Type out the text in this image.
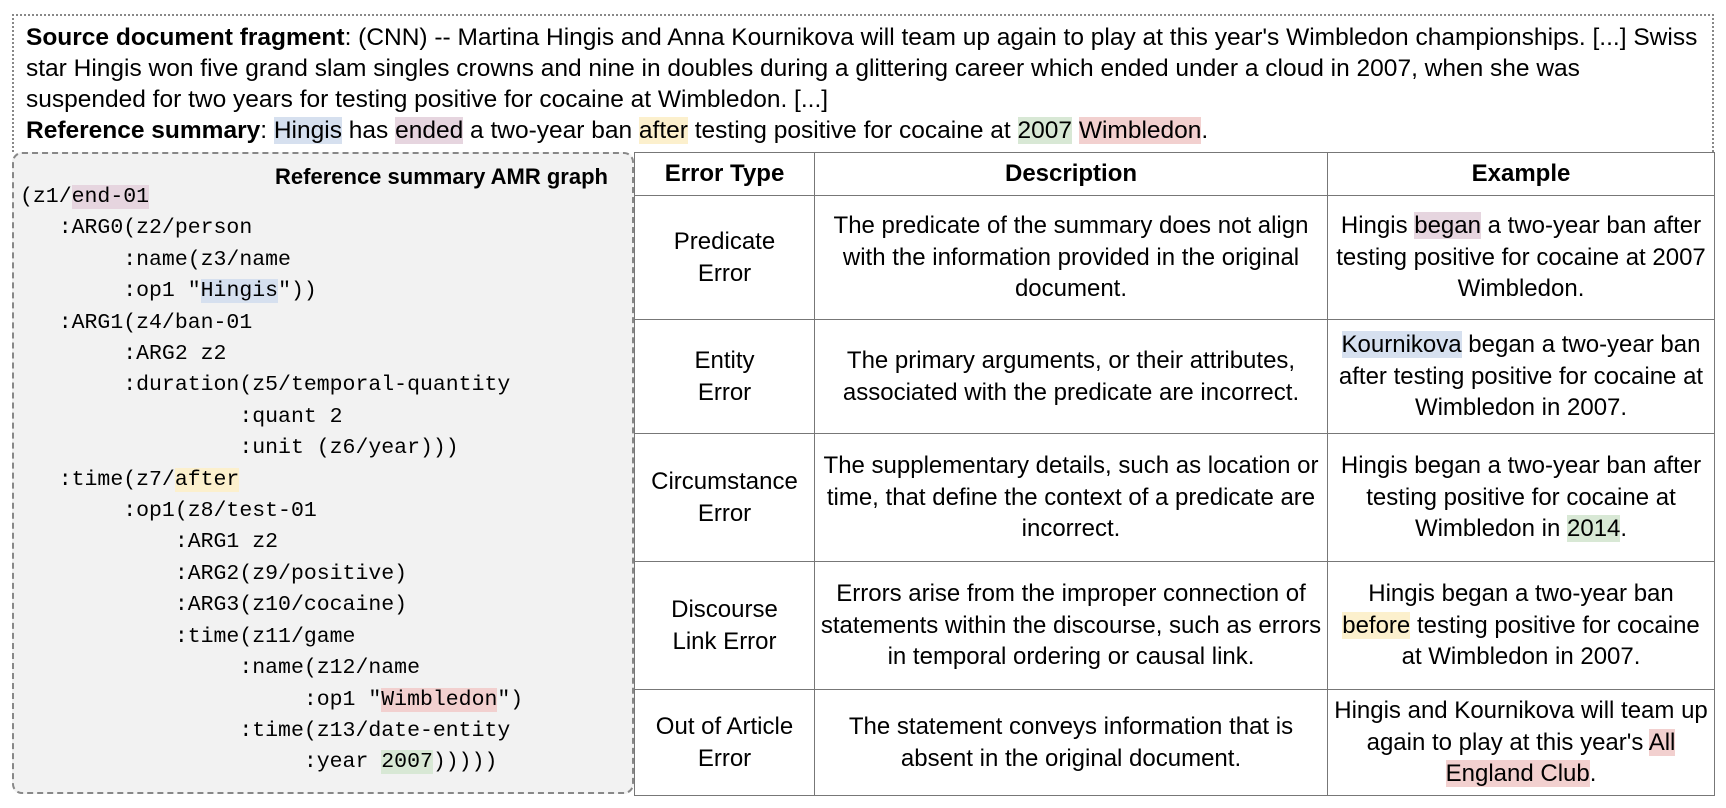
Source document fragment: (CNN) -- Martina Hingis and Anna Kournikova will team up again to play at this year's Wimbledon championships. [...] Swiss star Hingis won five grand slam singles crowns and nine in doubles during a glittering career which ended under a cloud in 2007, when she was suspended for two years for testing positive for cocaine at Wimbledon. [...]
Reference summary: Hingis has ended a two-year ban after testing positive for cocaine at 2007 Wimbledon.
Reference summary AMR graph
(z1/end-01
:ARG0(z2/person
:name(z3/name
:op1 "Hingis"))
:ARG1(z4/ban-01
:ARG2 z2
:duration(z5/temporal-quantity
:quant 2
:unit (z6/year)))
:time(z7/after
:op1(z8/test-01
:ARG1 z2
:ARG2(z9/positive)
:ARG3(z10/cocaine)
:time(z11/game
:name(z12/name
:op1 "Wimbledon")
:time(z13/date-entity
:year 2007)))))
Error Type	Description	Example
Predicate
Error	The predicate of the summary does not align with the information provided in the original document.	Hingis began a two-year ban after testing positive for cocaine at 2007 Wimbledon.
Entity
Error	The primary arguments, or their attributes, associated with the predicate are incorrect.	Kournikova began a two-year ban after testing positive for cocaine at Wimbledon in 2007.
Circumstance
Error	The supplementary details, such as location or time, that define the context of a predicate are incorrect.	Hingis began a two-year ban after testing positive for cocaine at Wimbledon in 2014.
Discourse
Link Error	Errors arise from the improper connection of statements within the discourse, such as errors in temporal ordering or causal link.	Hingis began a two-year ban before testing positive for cocaine at Wimbledon in 2007.
Out of Article
Error	The statement conveys information that is absent in the original document.	Hingis and Kournikova will team up again to play at this year's All England Club.
